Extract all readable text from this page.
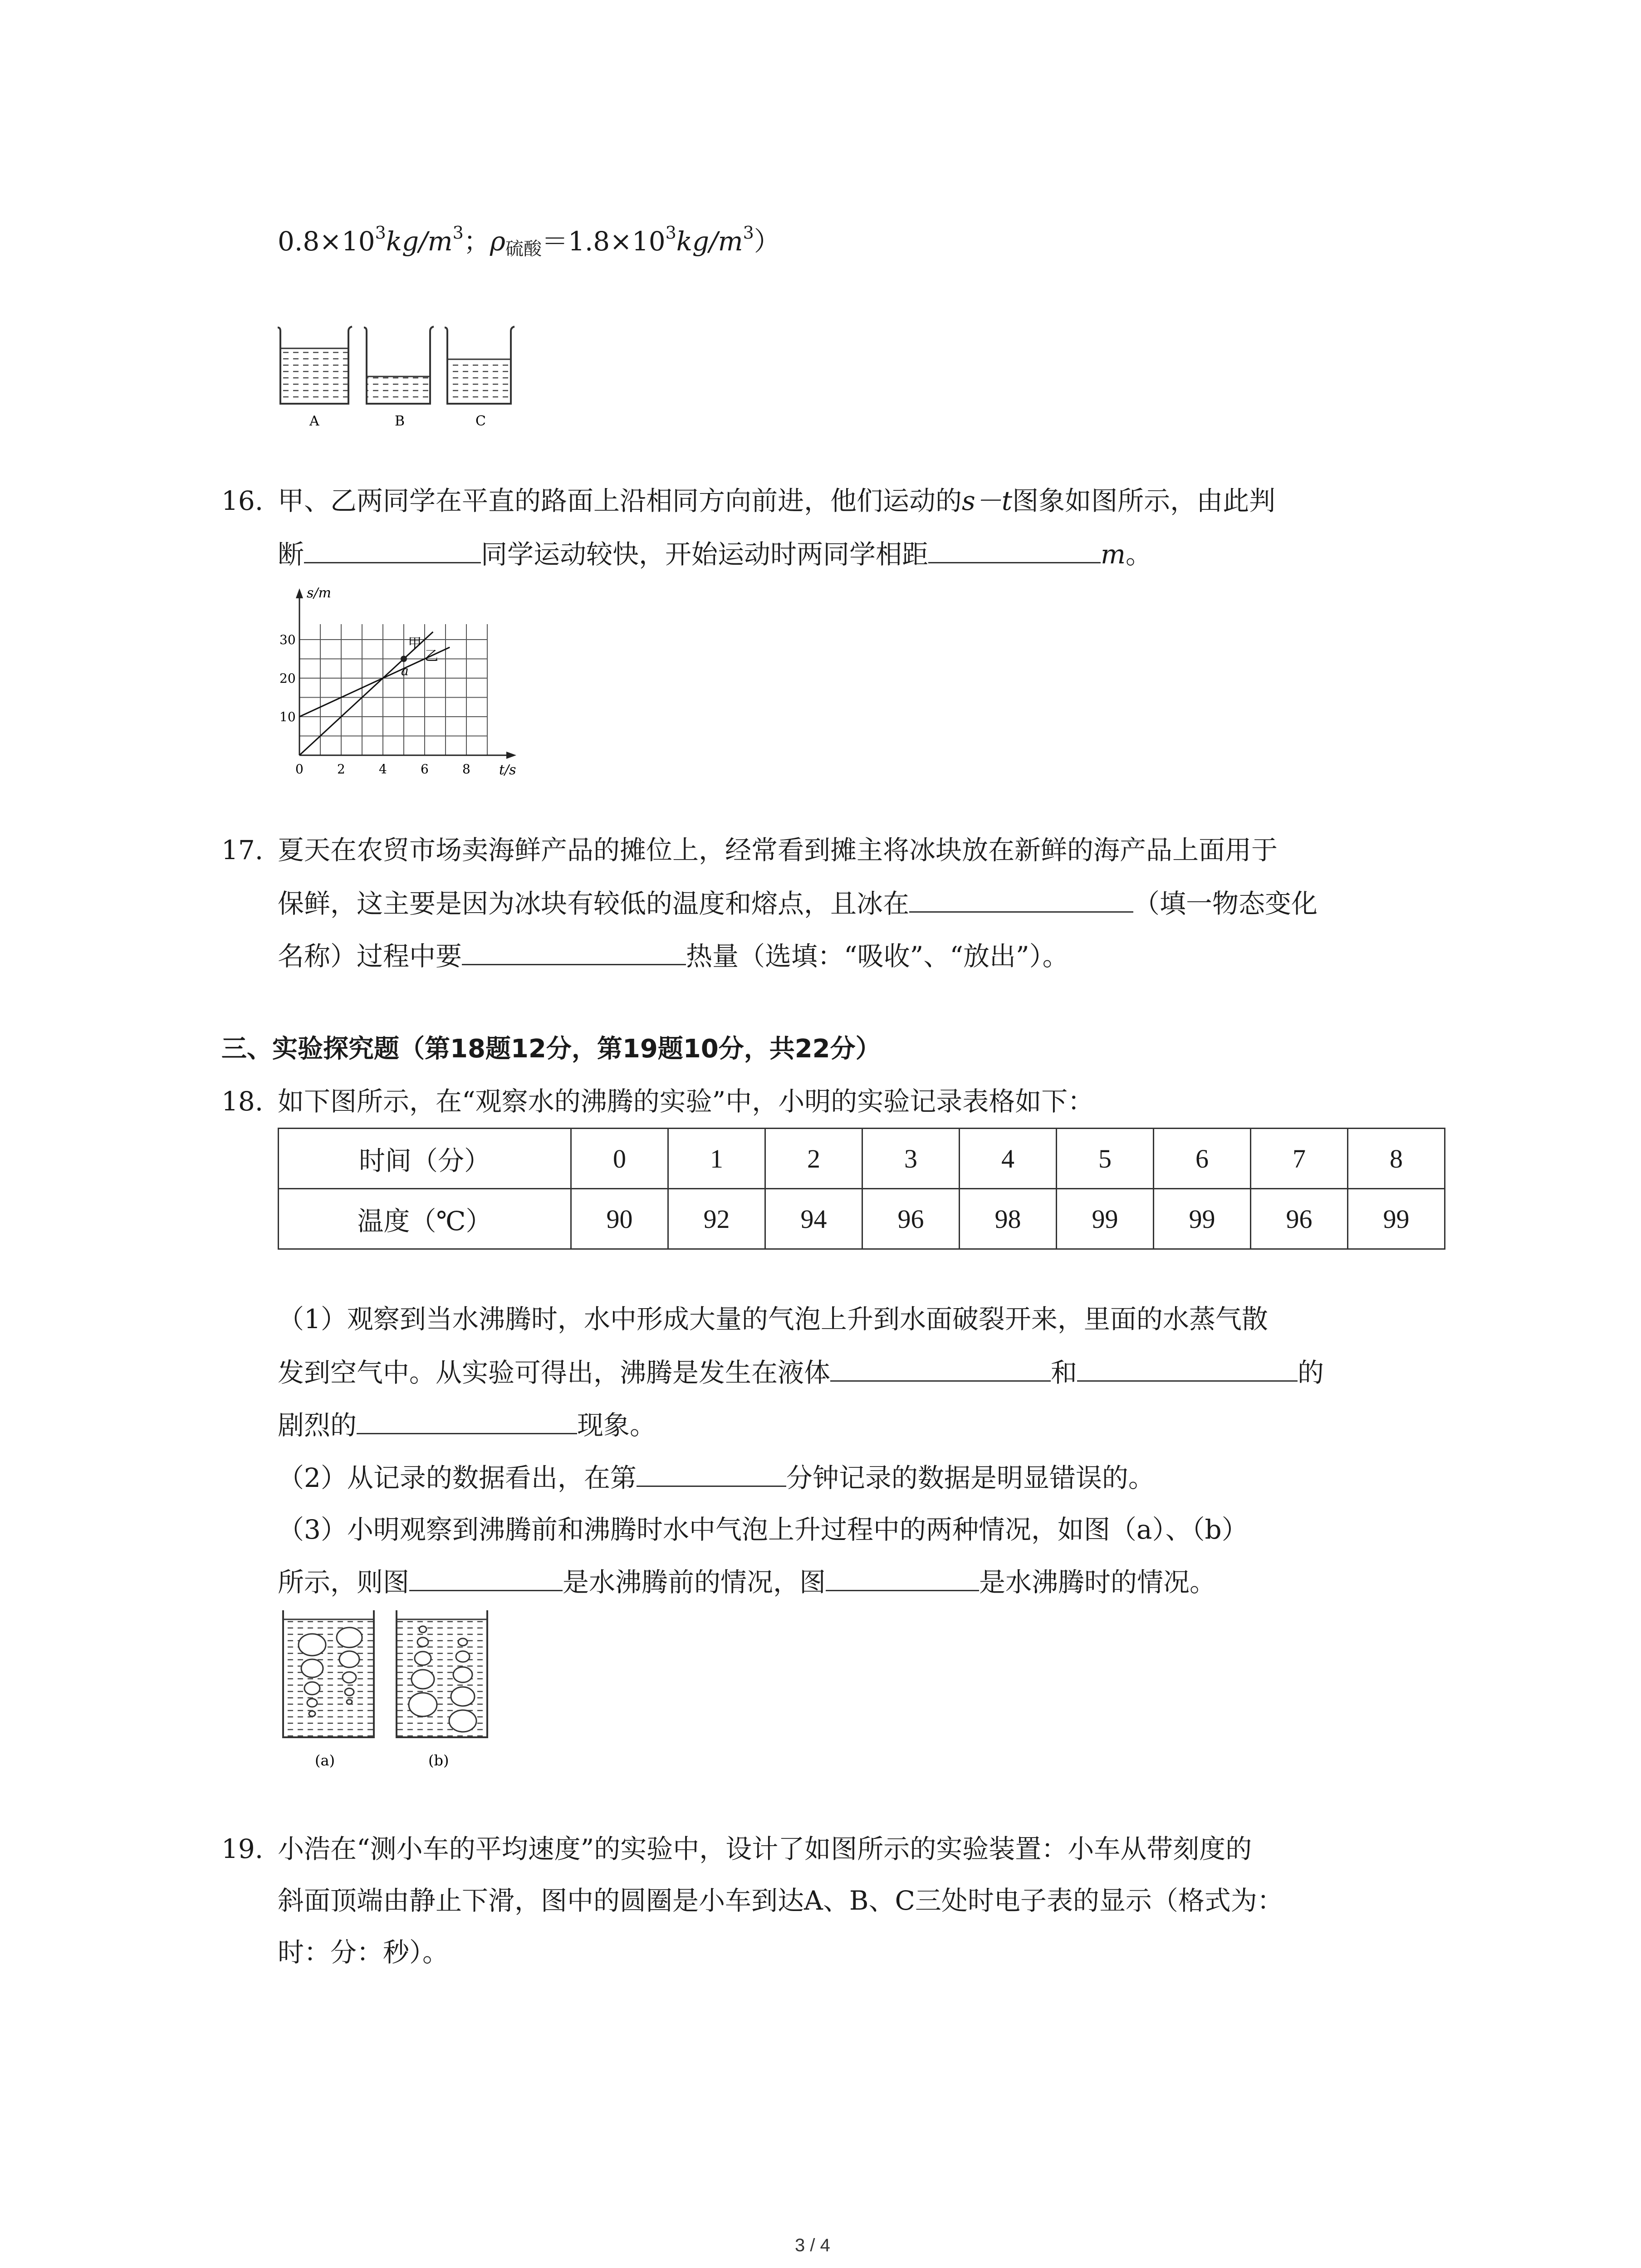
$0.8\times 10^3kg/m^3$；$\rho_{硫酸}=1.8\times 10^3kg/m^3$）
A	B	C
16. 甲、乙两同学在平直的路面上沿相同方向前进，他们运动的s－t图象如图所示，由此判
断	同学运动较快，开始运动时两同学相距	m。
0	2	4	6	8
10
20
30
s/m
t/s
甲
乙
a
17. 夏天在农贸市场卖海鲜产品的摊位上，经常看到摊主将冰块放在新鲜的海产品上面用于
保鲜，这主要是因为冰块有较低的温度和熔点，且冰在	（填一物态变化
名称）过程中要	热量（选填：“吸收”、“放出”）。
三、实验探究题（第18题12分，第19题10分，共22分）
18. 如下图所示，在“观察水的沸腾的实验”中，小明的实验记录表格如下：
时间（分）	0	1	2	3	4	5	6	7	8
温度（℃）	90	92	94	96	98	99	99	96	99
（1）观察到当水沸腾时，水中形成大量的气泡上升到水面破裂开来，里面的水蒸气散
发到空气中。从实验可得出，沸腾是发生在液体	和	的
剧烈的	现象。
（2）从记录的数据看出，在第	分钟记录的数据是明显错误的。
（3）小明观察到沸腾前和沸腾时水中气泡上升过程中的两种情况，如图（a）、（b）
所示，则图	是水沸腾前的情况，图	是水沸腾时的情况。
(a)	(b)
19. 小浩在“测小车的平均速度”的实验中，设计了如图所示的实验装置：小车从带刻度的
斜面顶端由静止下滑，图中的圆圈是小车到达A、B、C三处时电子表的显示（格式为：
时：分：秒）。
3 / 4
